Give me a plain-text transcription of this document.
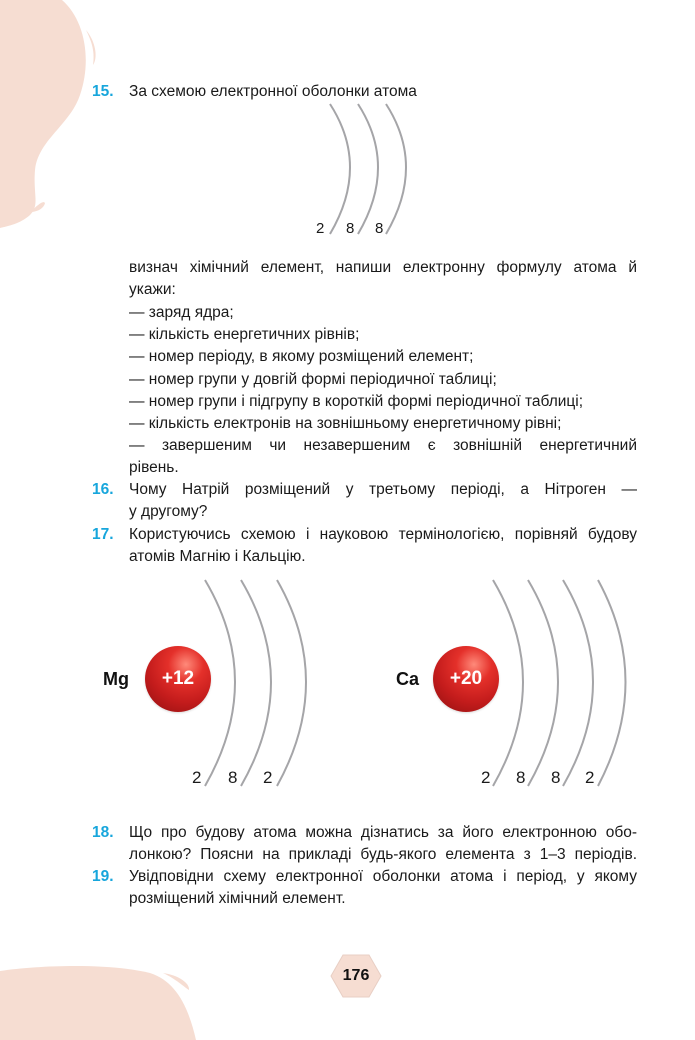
15. За схемою електронної оболонки атома
2 8 8
визнач хімічний елемент, напиши електронну формулу атома й
укажи:
— заряд ядра;
— кількість енергетичних рівнів;
— номер періоду, в якому розміщений елемент;
— номер групи у довгій формі періодичної таблиці;
— номер групи і підгрупу в короткій формі періодичної таблиці;
— кількість електронів на зовнішньому енергетичному рівні;
— завершеним чи незавершеним є зовнішній енергетичний
рівень.
16. Чому Натрій розміщений у третьому періоді, а Нітроген —
у другому?
17. Користуючись схемою і науковою термінологією, порівняй будову
атомів Магнію і Кальцію.
Mg +12
2 8 2
Ca +20
2 8 8 2
18. Що про будову атома можна дізнатись за його електронною обо-
лонкою? Поясни на прикладі будь-якого елемента з 1–3 періодів.
19. Увідповідни схему електронної оболонки атома і період, у якому
розміщений хімічний елемент.
176
